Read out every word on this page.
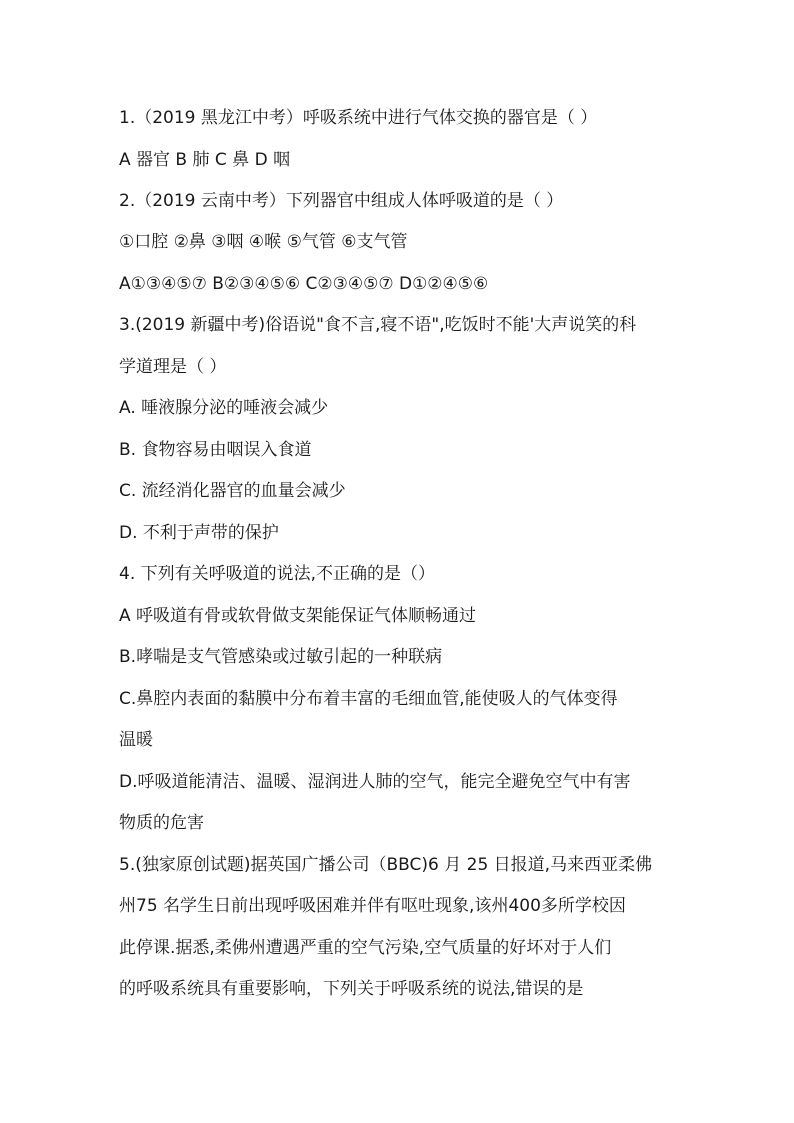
1.（2019 黑龙江中考）呼吸系统中进行气体交换的器官是（ ）
A 器官 B 肺 C 鼻 D 咽
2.（2019 云南中考）下列器官中组成人体呼吸道的是（ ）
①口腔 ②鼻 ③咽 ④喉 ⑤气管 ⑥支气管
A①③④⑤⑦ B②③④⑤⑥ C②③④⑤⑦ D①②④⑤⑥
3.(2019 新疆中考)俗语说"食不言,寝不语",吃饭时不能'大声说笑的科
学道理是（ ）
A. 唾液腺分泌的唾液会减少
B. 食物容易由咽误入食道
C. 流经消化器官的血量会减少
D. 不利于声带的保护
4. 下列有关呼吸道的说法,不正确的是（）
A 呼吸道有骨或软骨做支架能保证气体顺畅通过
B.哮喘是支气管感染或过敏引起的一种联病
C.鼻腔内表面的黏膜中分布着丰富的毛细血管,能使吸人的气体变得
温暖
D.呼吸道能清洁、温暖、湿润进人肺的空气，能完全避免空气中有害
物质的危害
5.(独家原创试题)据英国广播公司（BBC)6 月 25 日报道,马来西亚柔佛
州75 名学生日前出现呼吸困难并伴有呕吐现象,该州400多所学校因
此停课.据悉,柔佛州遭遇严重的空气污染,空气质量的好坏对于人们
的呼吸系统具有重要影响，下列关于呼吸系统的说法,错误的是
